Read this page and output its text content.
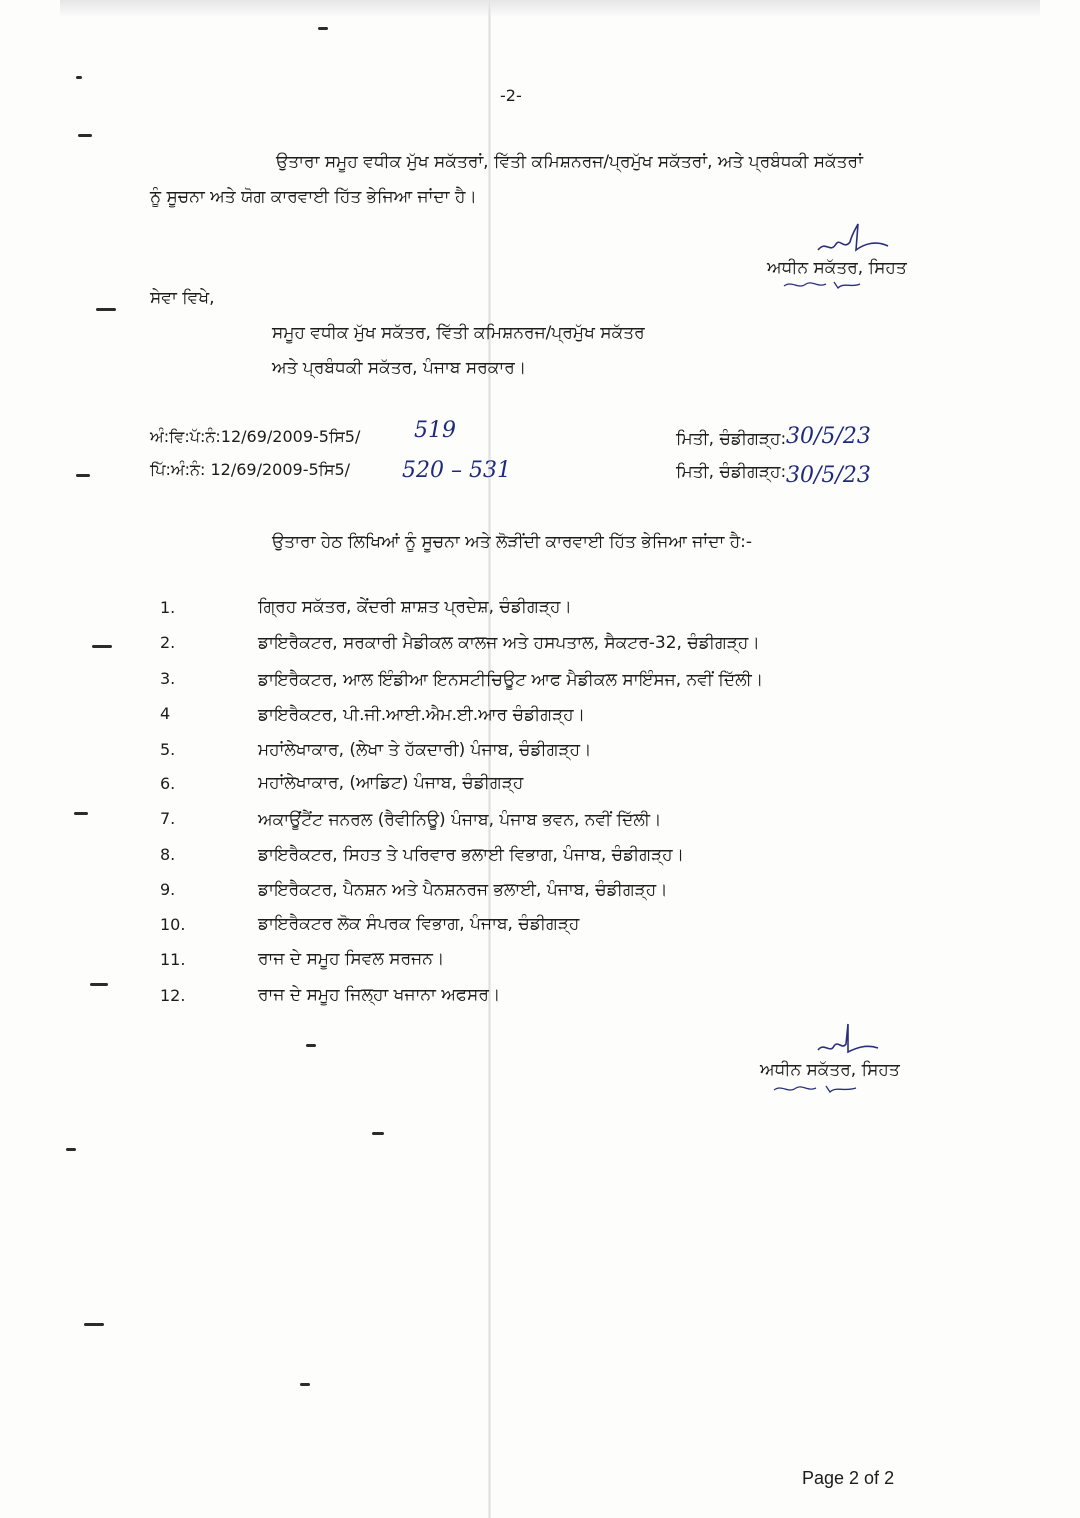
-2-
ਉਤਾਰਾ ਸਮੂਹ ਵਧੀਕ ਮੁੱਖ ਸਕੱਤਰਾਂ, ਵਿੱਤੀ ਕਮਿਸ਼ਨਰਜ/ਪ੍ਰਮੁੱਖ ਸਕੱਤਰਾਂ, ਅਤੇ ਪ੍ਰਬੰਧਕੀ ਸਕੱਤਰਾਂ
ਨੂੰ ਸੂਚਨਾ ਅਤੇ ਯੋਗ ਕਾਰਵਾਈ ਹਿੱਤ ਭੇਜਿਆ ਜਾਂਦਾ ਹੈ।
ਅਧੀਨ ਸਕੱਤਰ, ਸਿਹਤ
ਸੇਵਾ ਵਿਖੇ,
ਸਮੂਹ ਵਧੀਕ ਮੁੱਖ ਸਕੱਤਰ, ਵਿੱਤੀ ਕਮਿਸ਼ਨਰਜ/ਪ੍ਰਮੁੱਖ ਸਕੱਤਰ
ਅਤੇ ਪ੍ਰਬੰਧਕੀ ਸਕੱਤਰ, ਪੰਜਾਬ ਸਰਕਾਰ।
ਅੰ:ਵਿ:ਪੱ:ਨੰ:12/69/2009-5ਸਿ5/ 519	ਮਿਤੀ, ਚੰਡੀਗੜ੍ਹ: 30/5/23
ਪਿੱ:ਅੰ:ਨੰ: 12/69/2009-5ਸਿ5/ 520 – 531	ਮਿਤੀ, ਚੰਡੀਗੜ੍ਹ: 30/5/23
ਉਤਾਰਾ ਹੇਠ ਲਿਖਿਆਂ ਨੂੰ ਸੂਚਨਾ ਅਤੇ ਲੋੜੀਂਦੀ ਕਾਰਵਾਈ ਹਿੱਤ ਭੇਜਿਆ ਜਾਂਦਾ ਹੈ:-
1.	ਗ੍ਰਿਹ ਸਕੱਤਰ, ਕੇਂਦਰੀ ਸ਼ਾਸ਼ਤ ਪ੍ਰਦੇਸ਼, ਚੰਡੀਗੜ੍ਹ।
2.	ਡਾਇਰੈਕਟਰ, ਸਰਕਾਰੀ ਮੈਡੀਕਲ ਕਾਲਜ ਅਤੇ ਹਸਪਤਾਲ, ਸੈਕਟਰ-32, ਚੰਡੀਗੜ੍ਹ।
3.	ਡਾਇਰੈਕਟਰ, ਆਲ ਇੰਡੀਆ ਇਨਸਟੀਚਿਊਟ ਆਫ ਮੈਡੀਕਲ ਸਾਇੰਸਜ, ਨਵੀਂ ਦਿੱਲੀ।
4	ਡਾਇਰੈਕਟਰ, ਪੀ.ਜੀ.ਆਈ.ਐਮ.ਈ.ਆਰ ਚੰਡੀਗੜ੍ਹ।
5.	ਮਹਾਂਲੇਖਾਕਾਰ, (ਲੇਖਾ ਤੇ ਹੱਕਦਾਰੀ) ਪੰਜਾਬ, ਚੰਡੀਗੜ੍ਹ।
6.	ਮਹਾਂਲੇਖਾਕਾਰ, (ਆਡਿਟ) ਪੰਜਾਬ, ਚੰਡੀਗੜ੍ਹ
7.	ਅਕਾਊਂਟੈਂਟ ਜਨਰਲ (ਰੈਵੀਨਿਊ) ਪੰਜਾਬ, ਪੰਜਾਬ ਭਵਨ, ਨਵੀਂ ਦਿੱਲੀ।
8.	ਡਾਇਰੈਕਟਰ, ਸਿਹਤ ਤੇ ਪਰਿਵਾਰ ਭਲਾਈ ਵਿਭਾਗ, ਪੰਜਾਬ, ਚੰਡੀਗੜ੍ਹ।
9.	ਡਾਇਰੈਕਟਰ, ਪੈਨਸ਼ਨ ਅਤੇ ਪੈਨਸ਼ਨਰਜ ਭਲਾਈ, ਪੰਜਾਬ, ਚੰਡੀਗੜ੍ਹ।
10.	ਡਾਇਰੈਕਟਰ ਲੋਕ ਸੰਪਰਕ ਵਿਭਾਗ, ਪੰਜਾਬ, ਚੰਡੀਗੜ੍ਹ
11.	ਰਾਜ ਦੇ ਸਮੂਹ ਸਿਵਲ ਸਰਜਨ।
12.	ਰਾਜ ਦੇ ਸਮੂਹ ਜਿਲ੍ਹਾ ਖਜਾਨਾ ਅਫਸਰ।
ਅਧੀਨ ਸਕੱਤਰ, ਸਿਹਤ
Page 2 of 2
